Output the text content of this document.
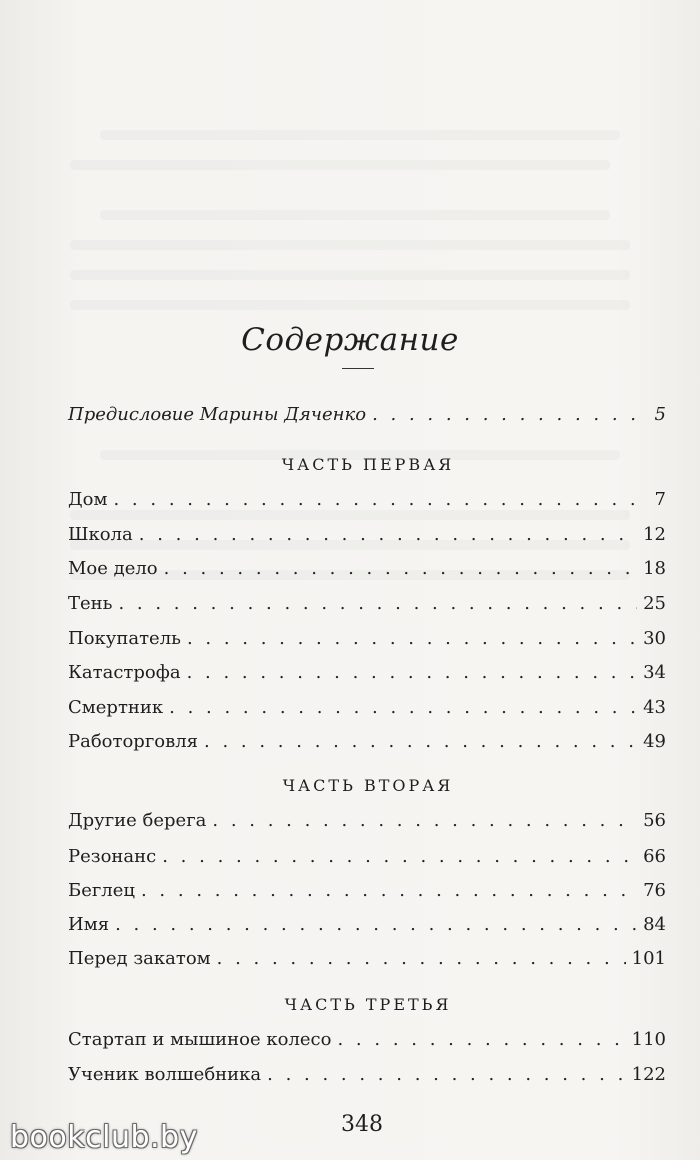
Содержание
Предисловие Марины Дяченко . . .	5
ЧАСТЬ ПЕРВАЯ
Дом . . .	7
Школа . . .	12
Мое дело . . .	18
Тень . . .	25
Покупатель . . .	30
Катастрофа . . .	34
Смертник . . .	43
Работорговля . . .	49
ЧАСТЬ ВТОРАЯ
Другие берега . . .	56
Резонанс . . .	66
Беглец . . .	76
Имя . . .	84
Перед закатом . . .	101
ЧАСТЬ ТРЕТЬЯ
Стартап и мышиное колесо . . .	110
Ученик волшебника . . .	122
348
bookclub.by
